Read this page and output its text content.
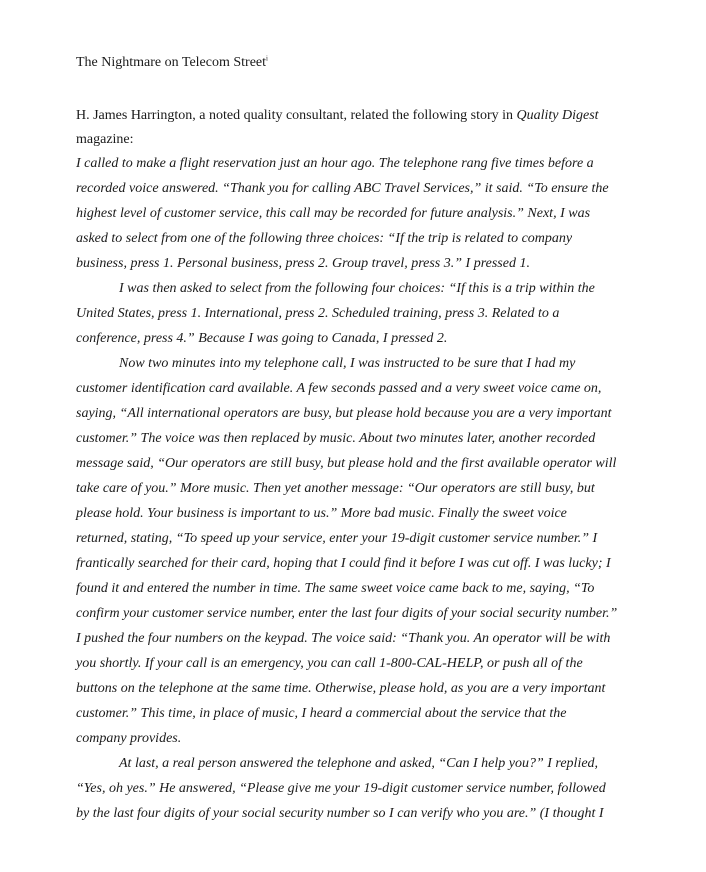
The Nightmare on Telecom Street$^i$
H. James Harrington, a noted quality consultant, related the following story in Quality Digest magazine:
I called to make a flight reservation just an hour ago. The telephone rang five times before a
recorded voice answered. “Thank you for calling ABC Travel Services,” it said. “To ensure the
highest level of customer service, this call may be recorded for future analysis.” Next, I was
asked to select from one of the following three choices: “If the trip is related to company
business, press 1. Personal business, press 2. Group travel, press 3.” I pressed 1.
I was then asked to select from the following four choices: “If this is a trip within the
United States, press 1. International, press 2. Scheduled training, press 3. Related to a
conference, press 4.” Because I was going to Canada, I pressed 2.
Now two minutes into my telephone call, I was instructed to be sure that I had my
customer identification card available. A few seconds passed and a very sweet voice came on,
saying, “All international operators are busy, but please hold because you are a very important
customer.” The voice was then replaced by music. About two minutes later, another recorded
message said, “Our operators are still busy, but please hold and the first available operator will
take care of you.” More music. Then yet another message: “Our operators are still busy, but
please hold. Your business is important to us.” More bad music. Finally the sweet voice
returned, stating, “To speed up your service, enter your 19-digit customer service number.” I
frantically searched for their card, hoping that I could find it before I was cut off. I was lucky; I
found it and entered the number in time. The same sweet voice came back to me, saying, “To
confirm your customer service number, enter the last four digits of your social security number.”
I pushed the four numbers on the keypad. The voice said: “Thank you. An operator will be with
you shortly. If your call is an emergency, you can call 1-800-CAL-HELP, or push all of the
buttons on the telephone at the same time. Otherwise, please hold, as you are a very important
customer.” This time, in place of music, I heard a commercial about the service that the
company provides.
At last, a real person answered the telephone and asked, “Can I help you?” I replied,
“Yes, oh yes.” He answered, “Please give me your 19-digit customer service number, followed
by the last four digits of your social security number so I can verify who you are.” (I thought I
